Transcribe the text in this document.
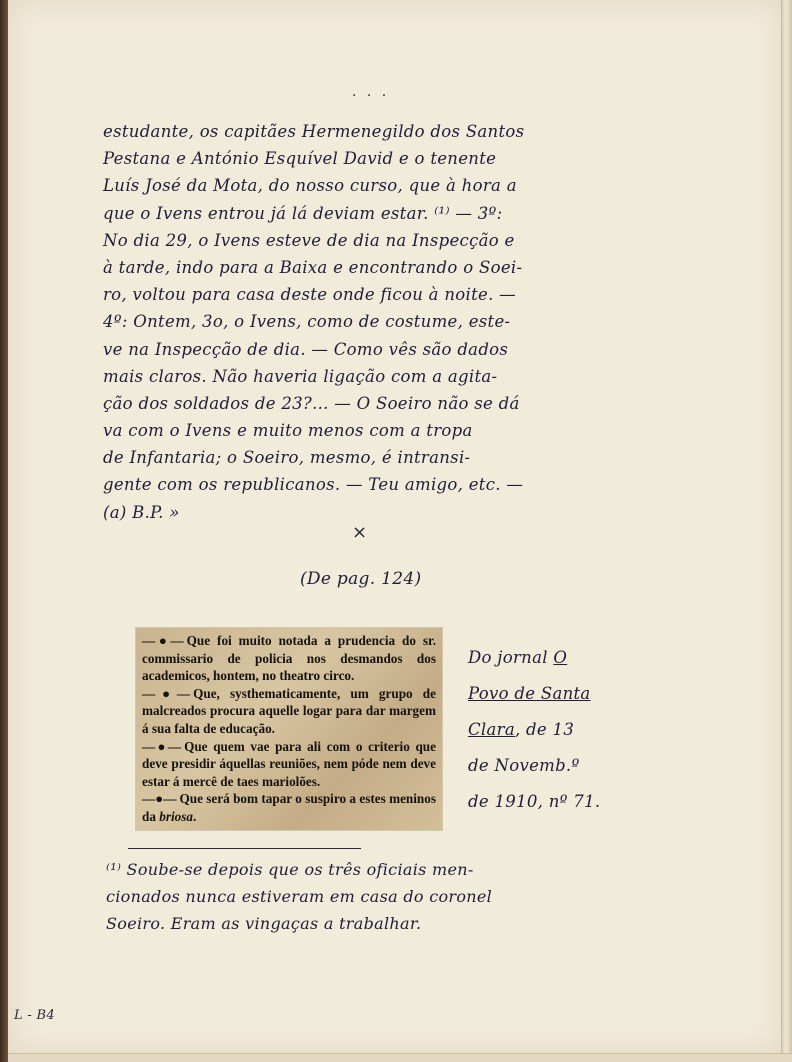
. . .
estudante, os capitães Hermenegildo dos Santos
Pestana e António Esquível David e o tenente
Luís José da Mota, do nosso curso, que à hora a
que o Ivens entrou já lá deviam estar. ⁽¹⁾ — 3º:
No dia 29, o Ivens esteve de dia na Inspecção e
à tarde, indo para a Baixa e encontrando o Soei-
ro, voltou para casa deste onde ficou à noite. —
4º: Ontem, 3o, o Ivens, como de costume, este-
ve na Inspecção de dia. — Como vês são dados
mais claros. Não haveria ligação com a agita-
ção dos soldados de 23?... — O Soeiro não se dá
va com o Ivens e muito menos com a tropa
de Infantaria; o Soeiro, mesmo, é intransi-
gente com os republicanos. — Teu amigo, etc. —
(a) B.P. »
×
(De pag. 124)
—●— Que foi muito notada a prudencia do sr. commissario de policia nos desmandos dos academicos, hontem, no theatro circo.
—●— Que, systhematicamente, um grupo de malcreados procura aquelle logar para dar margem á sua falta de educação.
—●— Que quem vae para ali com o criterio que deve presidir áquellas reuniões, nem póde nem deve estar á mercê de taes mariolões.
—●— Que será bom tapar o suspiro a estes meninos da briosa.
Do jornal O
Povo de Santa
Clara, de 13
de Novemb.º
de 1910, nº 71.
⁽¹⁾ Soube-se depois que os três oficiais men-
cionados nunca estiveram em casa do coronel
Soeiro. Eram as vingaças a trabalhar.
L - B4
